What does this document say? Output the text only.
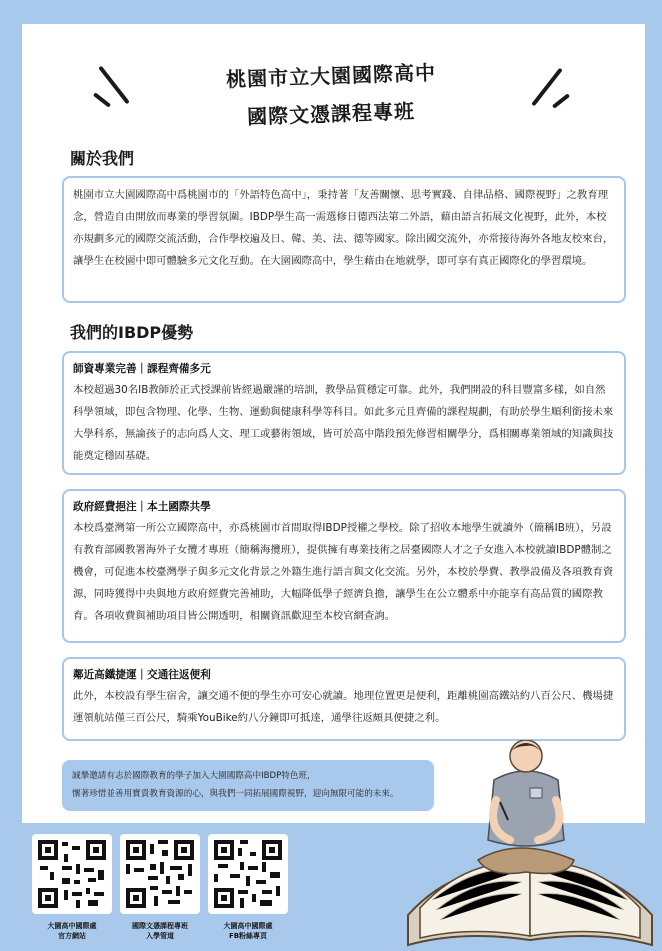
桃園市立大園國際高中
國際文憑課程專班
關於我們
桃園市立大園國際高中爲桃園市的「外語特色高中」，秉持著「友善關懷、思考實踐、自律品格、國際視野」之教育理念，營造自由開放而專業的學習氛圍。IBDP學生高一需選修日德西法第二外語，藉由語言拓展文化視野，此外，本校亦規劃多元的國際交流活動，合作學校遍及日、韓、美、法、德等國家。除出國交流外，亦常接待海外各地友校來台，讓學生在校園中即可體驗多元文化互動。在大園國際高中，學生藉由在地就學，即可享有真正國際化的學習環境。
我們的IBDP優勢
師資專業完善｜課程齊備多元
本校超過30名IB教師於正式授課前皆經過嚴謹的培訓，教學品質穩定可靠。此外，我們開設的科目豐富多樣，如自然科學領域，即包含物理、化學、生物、運動與健康科學等科目。如此多元且齊備的課程規劃，有助於學生順利銜接未來大學科系，無論孩子的志向爲人文、理工或藝術領域，皆可於高中階段預先修習相關學分，爲相關專業領域的知識與技能奠定穩固基礎。
政府經費挹注｜本土國際共學
本校爲臺灣第一所公立國際高中，亦爲桃園市首間取得IBDP授權之學校。除了招收本地學生就讀外（簡稱IB班），另設有教育部國教署海外子女攬才專班（簡稱海攬班），提供擁有專業技術之居臺國際人才之子女進入本校就讀IBDP體制之機會，可促進本校臺灣學子與多元文化背景之外籍生進行語言與文化交流。另外，本校於學費、教學設備及各項教育資源，同時獲得中央與地方政府經費完善補助，大幅降低學子經濟負擔，讓學生在公立體系中亦能享有高品質的國際教育。各項收費與補助項目皆公開透明，相關資訊歡迎至本校官網查詢。
鄰近高鐵捷運｜交通往返便利
此外，本校設有學生宿舍，讓交通不便的學生亦可安心就讀。地理位置更是便利，距離桃園高鐵站約八百公尺、機場捷運領航站僅三百公尺，騎乘YouBike約八分鐘即可抵達，通學往返頗具便捷之利。
誠摯邀請有志於國際教育的學子加入大園國際高中IBDP特色班，
懷著珍惜並善用寶貴教育資源的心，與我們一同拓展國際視野，迎向無限可能的未來。
大園高中國際處
官方網站
國際文憑課程專班
入學管道
大園高中國際處
FB粉絲專頁
